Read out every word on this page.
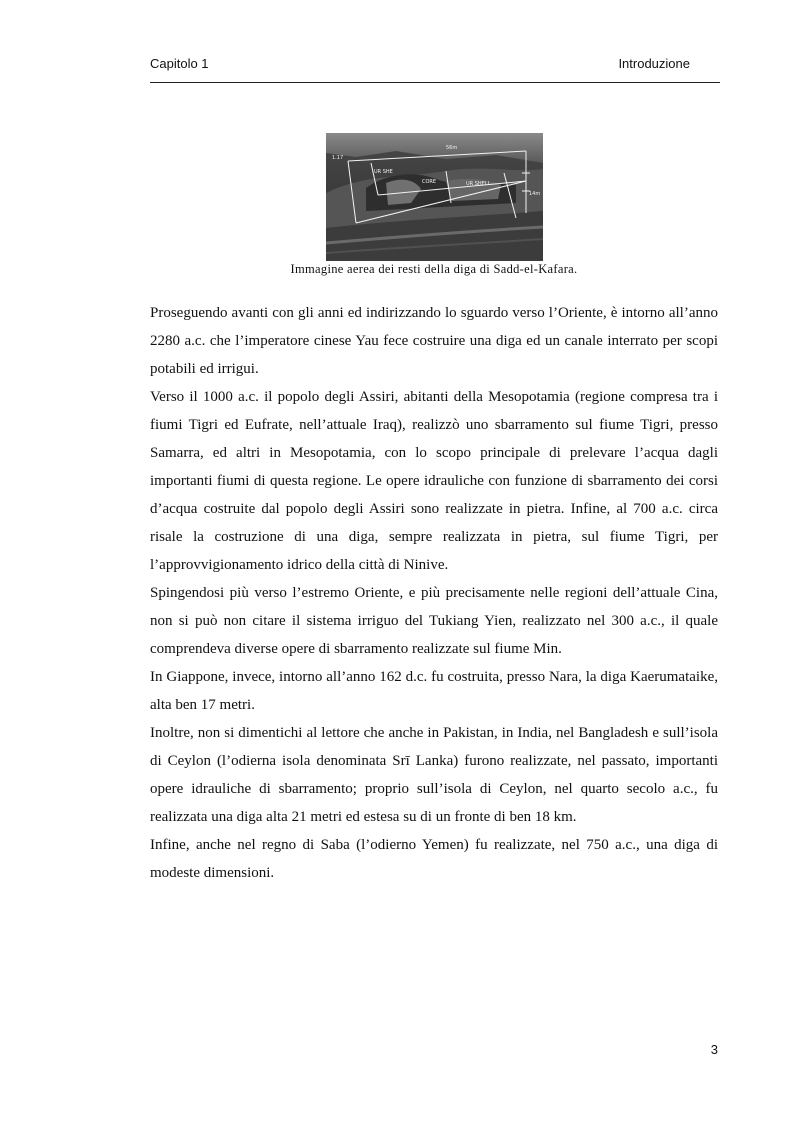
Capitolo 1	Introduzione
1.17
56m
UR SHE
CORE	UR SHELL
14m
Immagine aerea dei resti della diga di Sadd-el-Kafara.

Proseguendo avanti con gli anni ed indirizzando lo sguardo verso l’Oriente, è intorno all’anno 2280 a.c. che l’imperatore cinese Yau fece costruire una diga ed un canale interrato per scopi potabili ed irrigui.

Verso il 1000 a.c. il popolo degli Assiri, abitanti della Mesopotamia (regione compresa tra i fiumi Tigri ed Eufrate, nell’attuale Iraq), realizzò uno sbarramento sul fiume Tigri, presso Samarra, ed altri in Mesopotamia, con lo scopo principale di prelevare l’acqua dagli importanti fiumi di questa regione. Le opere idrauliche con funzione di sbarramento dei corsi d’acqua costruite dal popolo degli Assiri sono realizzate in pietra. Infine, al 700 a.c. circa risale la costruzione di una diga, sempre realizzata in pietra, sul fiume Tigri, per l’approvvigionamento idrico della città di Ninive.

Spingendosi più verso l’estremo Oriente, e più precisamente nelle regioni dell’attuale Cina, non si può non citare il sistema irriguo del Tukiang Yien, realizzato nel 300 a.c., il quale comprendeva diverse opere di sbarramento realizzate sul fiume Min.

In Giappone, invece, intorno all’anno 162 d.c. fu costruita, presso Nara, la diga Kaerumataike, alta ben 17 metri.

Inoltre, non si dimentichi al lettore che anche in Pakistan, in India, nel Bangladesh e sull’isola di Ceylon (l’odierna isola denominata Srī Lanka) furono realizzate, nel passato, importanti opere idrauliche di sbarramento; proprio sull’isola di Ceylon, nel quarto secolo a.c., fu realizzata una diga alta 21 metri ed estesa su di un fronte di ben 18 km.

Infine, anche nel regno di Saba (l’odierno Yemen) fu realizzate, nel 750 a.c., una diga di modeste dimensioni.

3
